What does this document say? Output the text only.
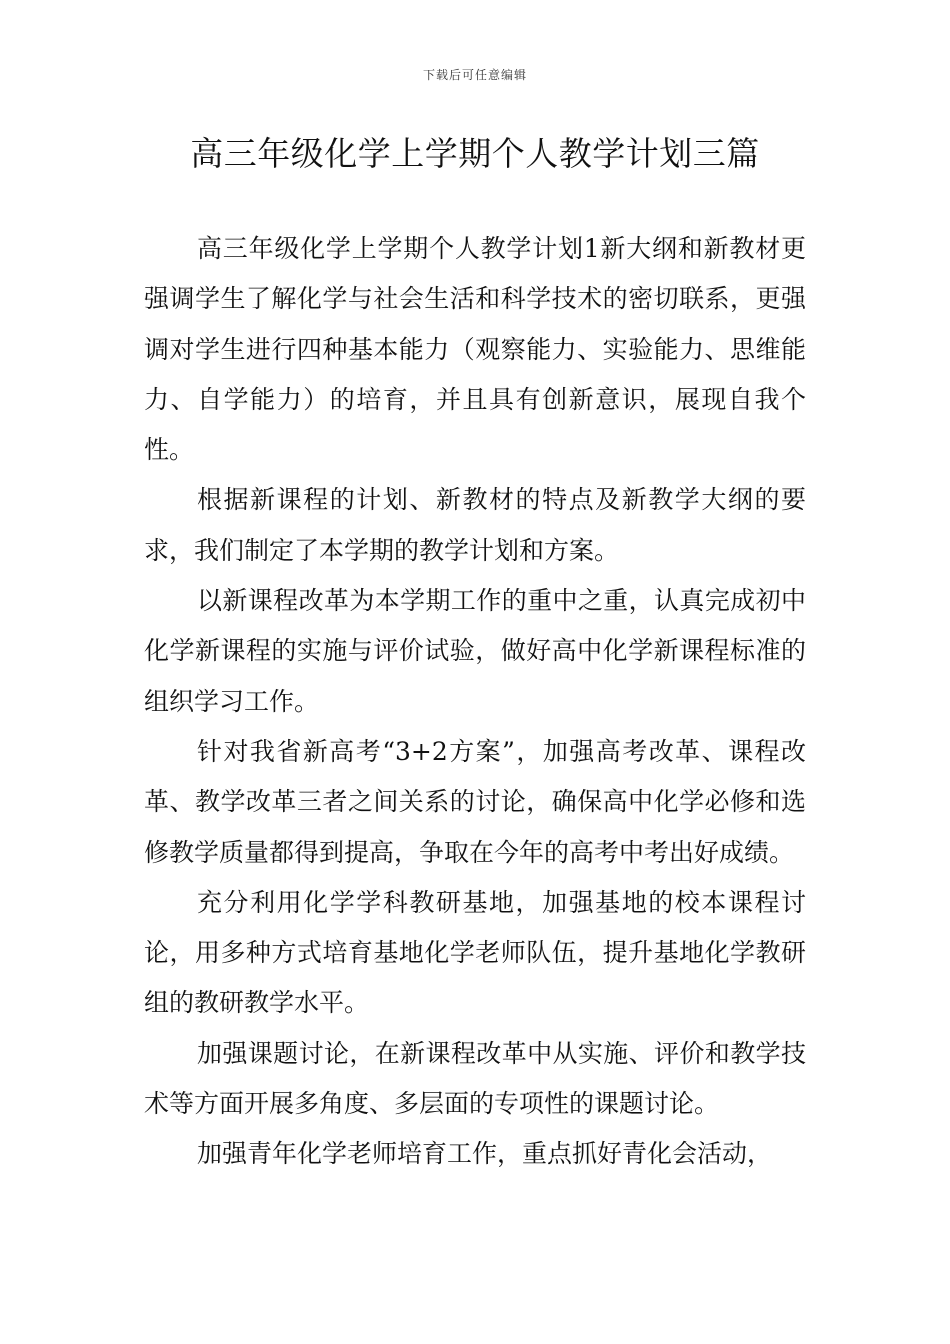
下载后可任意编辑
高三年级化学上学期个人教学计划三篇

高三年级化学上学期个人教学计划1新大纲和新教材更强调学生了解化学与社会生活和科学技术的密切联系，更强调对学生进行四种基本能力（观察能力、实验能力、思维能力、自学能力）的培育，并且具有创新意识，展现自我个性。

根据新课程的计划、新教材的特点及新教学大纲的要求，我们制定了本学期的教学计划和方案。

以新课程改革为本学期工作的重中之重，认真完成初中化学新课程的实施与评价试验，做好高中化学新课程标准的组织学习工作。

针对我省新高考“3+2方案”，加强高考改革、课程改革、教学改革三者之间关系的讨论，确保高中化学必修和选修教学质量都得到提高，争取在今年的高考中考出好成绩。

充分利用化学学科教研基地，加强基地的校本课程讨论，用多种方式培育基地化学老师队伍，提升基地化学教研组的教研教学水平。

加强课题讨论，在新课程改革中从实施、评价和教学技术等方面开展多角度、多层面的专项性的课题讨论。

加强青年化学老师培育工作，重点抓好青化会活动，
